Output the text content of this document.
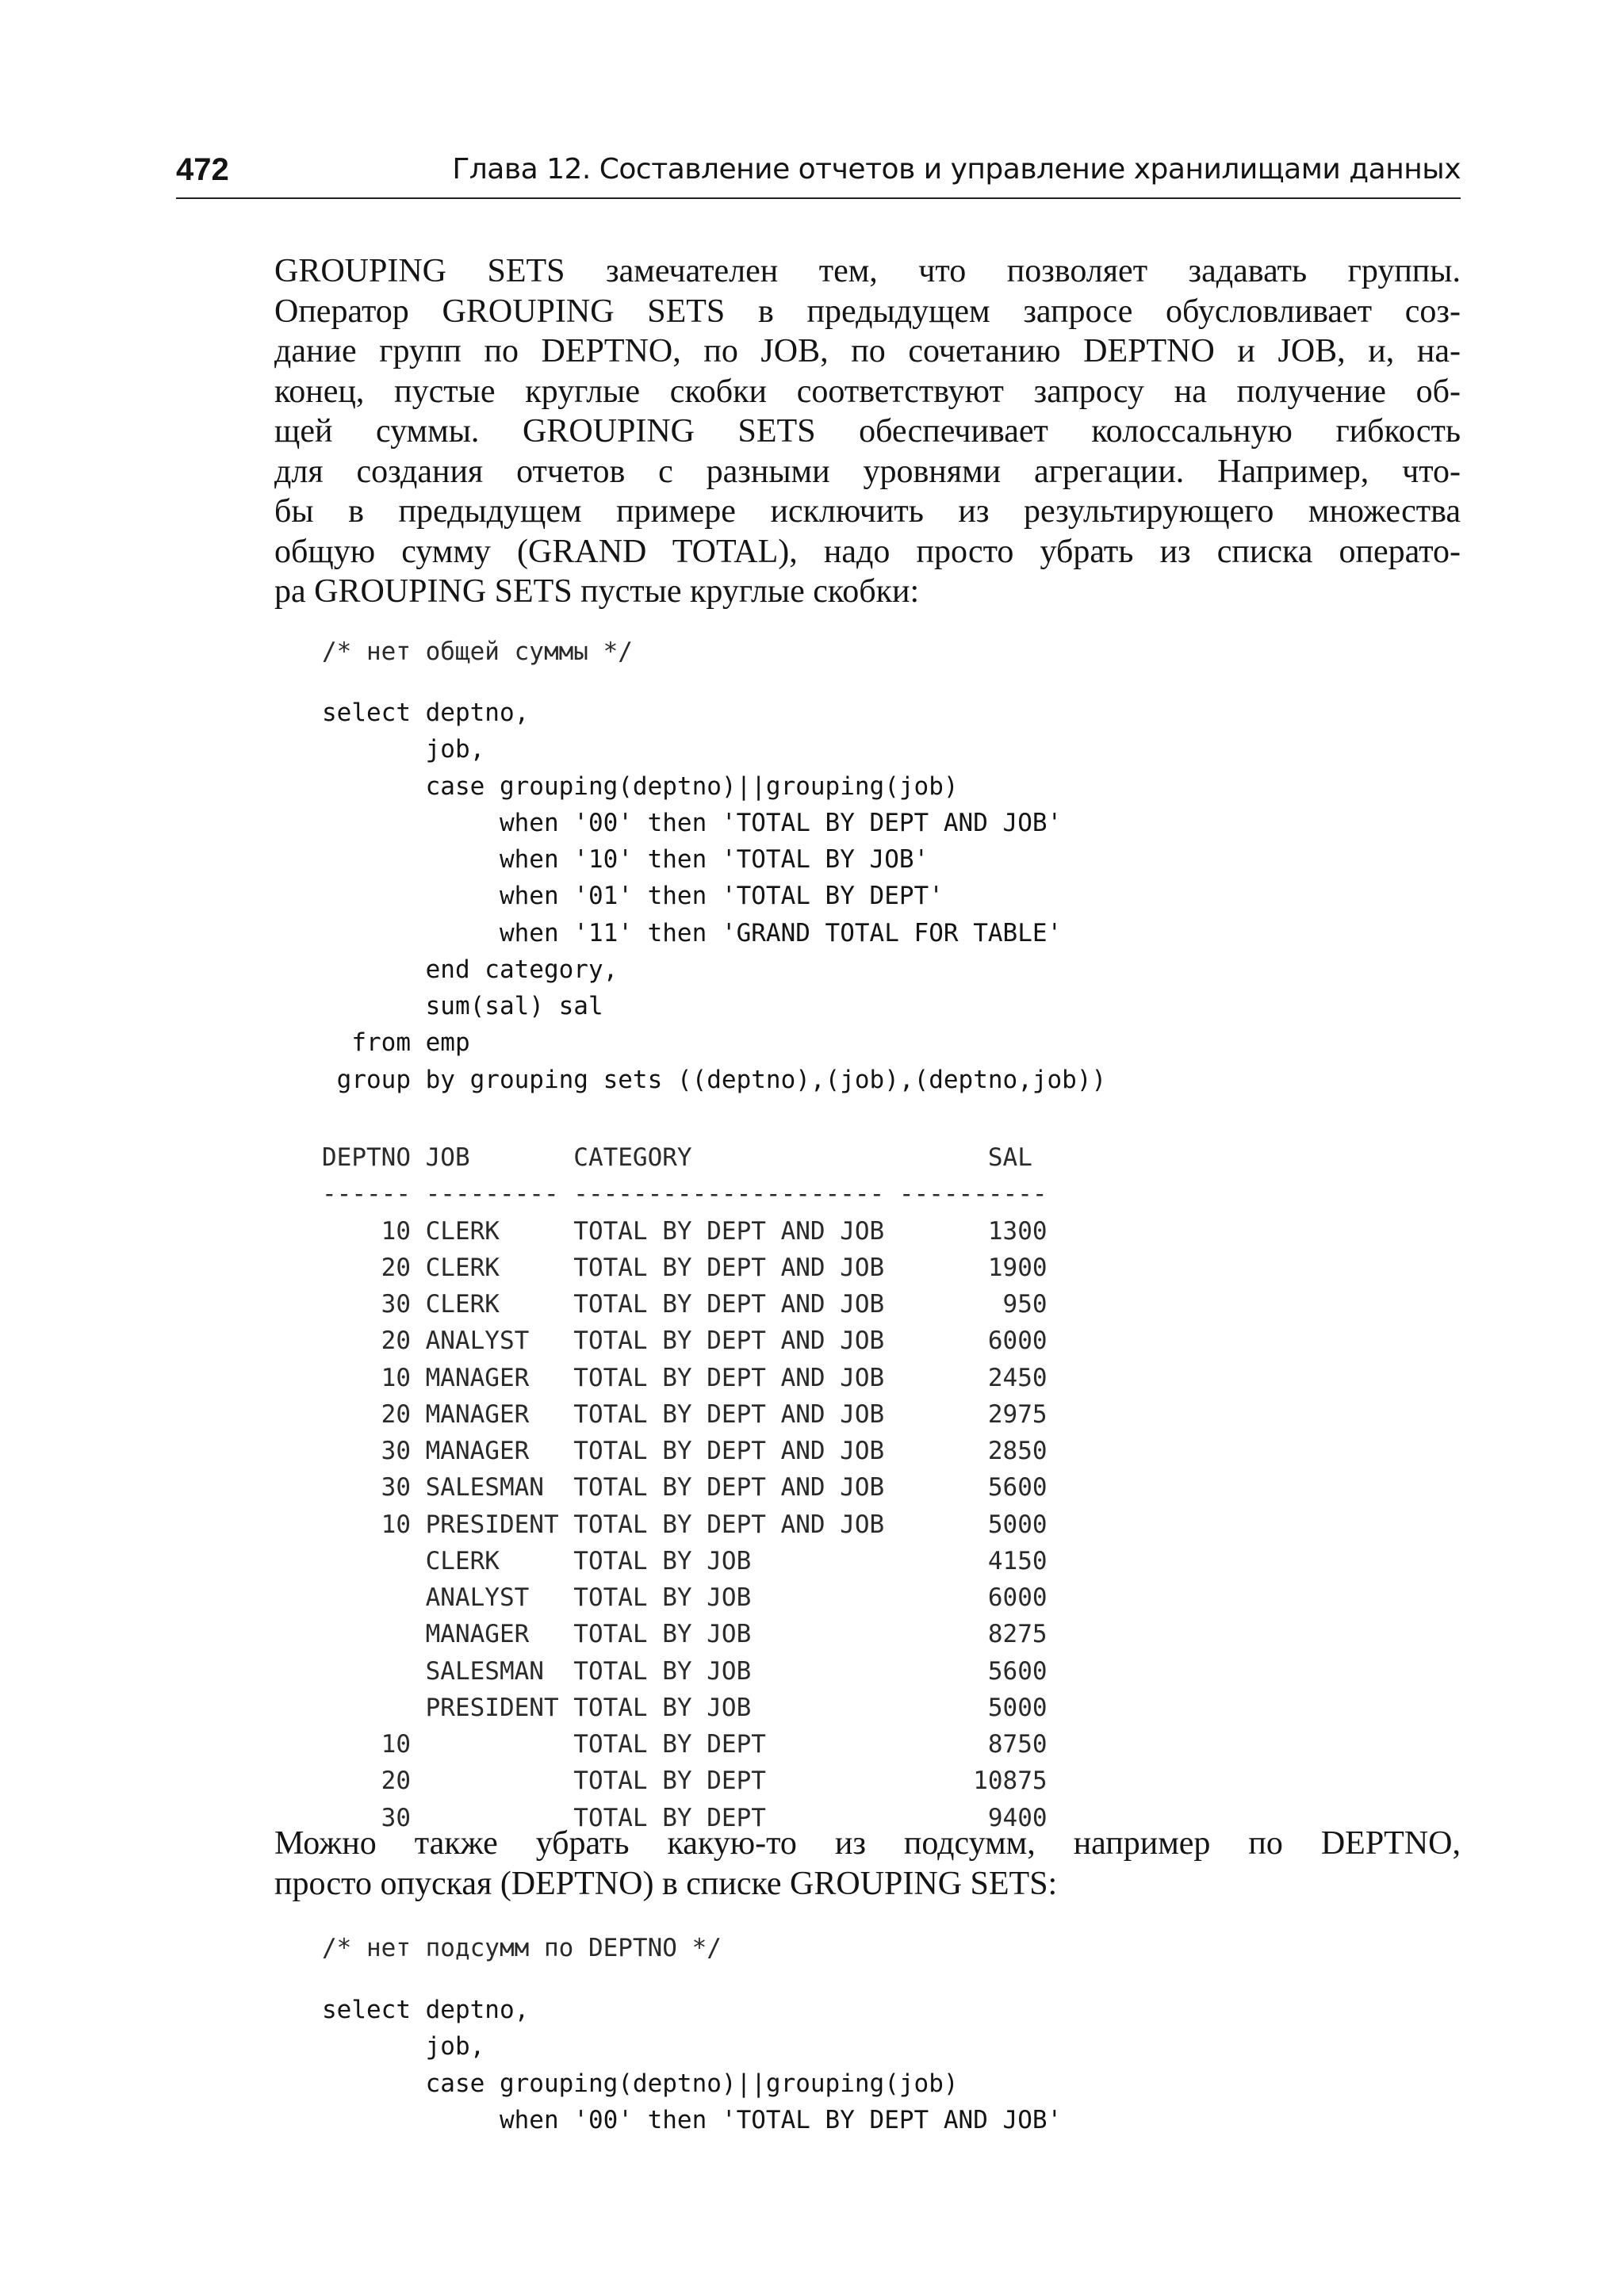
472	Глава 12. Составление отчетов и управление хранилищами данных

GROUPING SETS замечателен тем, что позволяет задавать группы.
Оператор GROUPING SETS в предыдущем запросе обусловливает соз-
дание групп по DEPTNO, по JOB, по сочетанию DEPTNO и JOB, и, на-
конец, пустые круглые скобки соответствуют запросу на получение об-
щей суммы. GROUPING SETS обеспечивает колоссальную гибкость
для создания отчетов с разными уровнями агрегации. Например, что-
бы в предыдущем примере исключить из результирующего множества
общую сумму (GRAND TOTAL), надо просто убрать из списка операто-
ра GROUPING SETS пустые круглые скобки:

/* нет общей суммы */
select deptno,
job,
case grouping(deptno)||grouping(job)
when '00' then 'TOTAL BY DEPT AND JOB'
when '10' then 'TOTAL BY JOB'
when '01' then 'TOTAL BY DEPT'
when '11' then 'GRAND TOTAL FOR TABLE'
end category,
sum(sal) sal
from emp
group by grouping sets ((deptno),(job),(deptno,job))
DEPTNO JOB       CATEGORY                    SAL
------ --------- --------------------- ----------
10 CLERK     TOTAL BY DEPT AND JOB       1300
20 CLERK     TOTAL BY DEPT AND JOB       1900
30 CLERK     TOTAL BY DEPT AND JOB        950
20 ANALYST   TOTAL BY DEPT AND JOB       6000
10 MANAGER   TOTAL BY DEPT AND JOB       2450
20 MANAGER   TOTAL BY DEPT AND JOB       2975
30 MANAGER   TOTAL BY DEPT AND JOB       2850
30 SALESMAN  TOTAL BY DEPT AND JOB       5600
10 PRESIDENT TOTAL BY DEPT AND JOB       5000
CLERK     TOTAL BY JOB                4150
ANALYST   TOTAL BY JOB                6000
MANAGER   TOTAL BY JOB                8275
SALESMAN  TOTAL BY JOB                5600
PRESIDENT TOTAL BY JOB                5000
10           TOTAL BY DEPT               8750
20           TOTAL BY DEPT              10875
30           TOTAL BY DEPT               9400

Можно также убрать какую-то из подсумм, например по DEPTNO,
просто опуская (DEPTNO) в списке GROUPING SETS:

/* нет подсумм по DEPTNO */
select deptno,
job,
case grouping(deptno)||grouping(job)
when '00' then 'TOTAL BY DEPT AND JOB'
